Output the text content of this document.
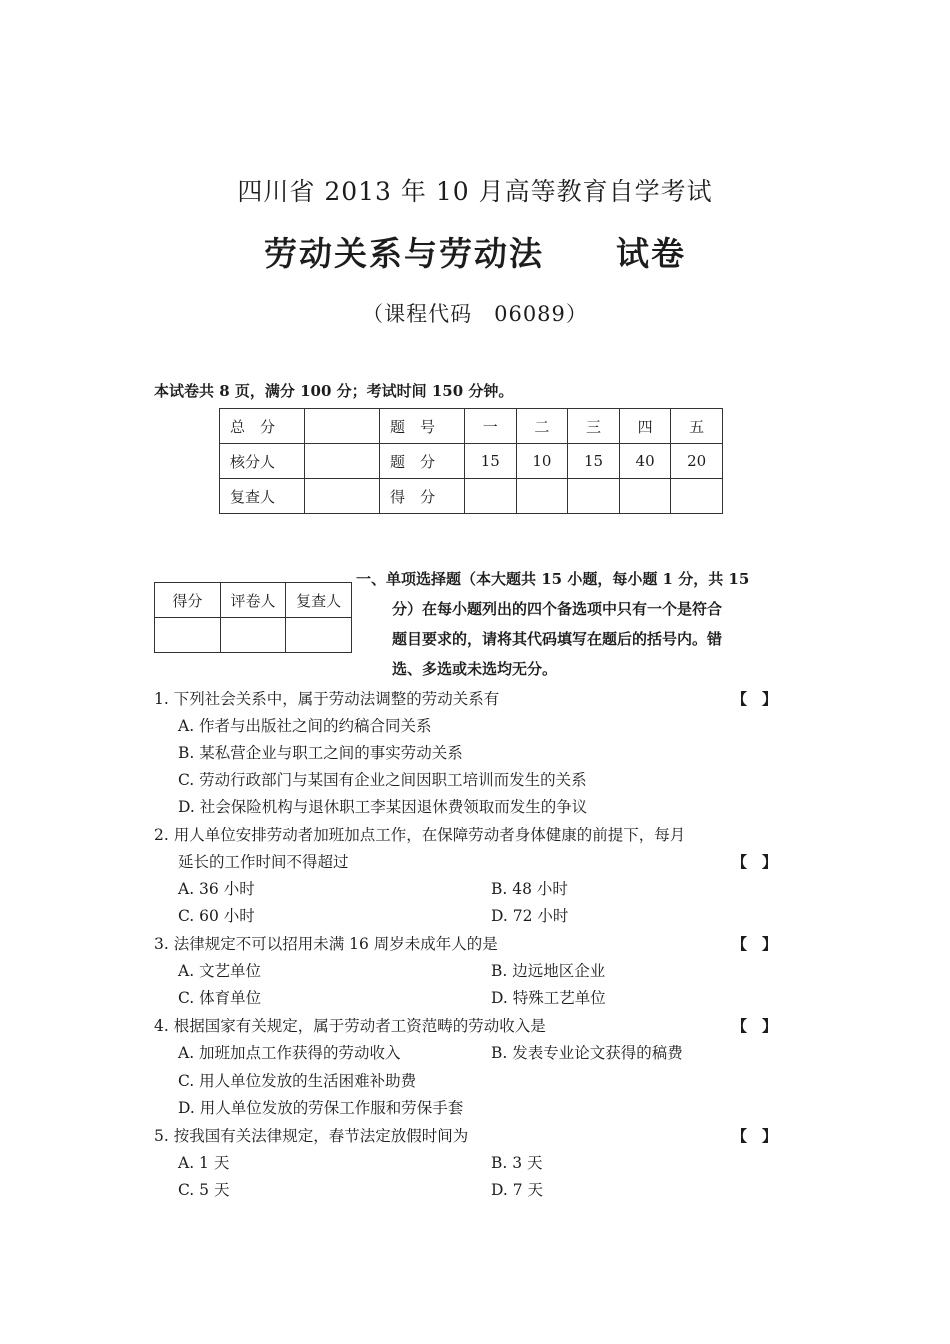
四川省 2013 年 10 月高等教育自学考试
劳动关系与劳动法 试卷
（课程代码　06089）
本试卷共 8 页，满分 100 分；考试时间 150 分钟。
总　分		题　号	一	二	三	四	五
核分人		题　分	15	10	15	40	20
复查人		得　分					
得分	评卷人	复查人

一、单项选择题（本大题共 15 小题，每小题 1 分，共 15
分）在每小题列出的四个备选项中只有一个是符合
题目要求的，请将其代码填写在题后的括号内。错
选、多选或未选均无分。
1. 下列社会关系中，属于劳动法调整的劳动关系有	【　】
A. 作者与出版社之间的约稿合同关系
B. 某私营企业与职工之间的事实劳动关系
C. 劳动行政部门与某国有企业之间因职工培训而发生的关系
D. 社会保险机构与退休职工李某因退休费领取而发生的争议
2. 用人单位安排劳动者加班加点工作，在保障劳动者身体健康的前提下，每月
延长的工作时间不得超过	【　】
A. 36 小时	B. 48 小时
C. 60 小时	D. 72 小时
3. 法律规定不可以招用未满 16 周岁未成年人的是	【　】
A. 文艺单位	B. 边远地区企业
C. 体育单位	D. 特殊工艺单位
4. 根据国家有关规定，属于劳动者工资范畴的劳动收入是	【　】
A. 加班加点工作获得的劳动收入	B. 发表专业论文获得的稿费
C. 用人单位发放的生活困难补助费
D. 用人单位发放的劳保工作服和劳保手套
5. 按我国有关法律规定，春节法定放假时间为	【　】
A. 1 天	B. 3 天
C. 5 天	D. 7 天
